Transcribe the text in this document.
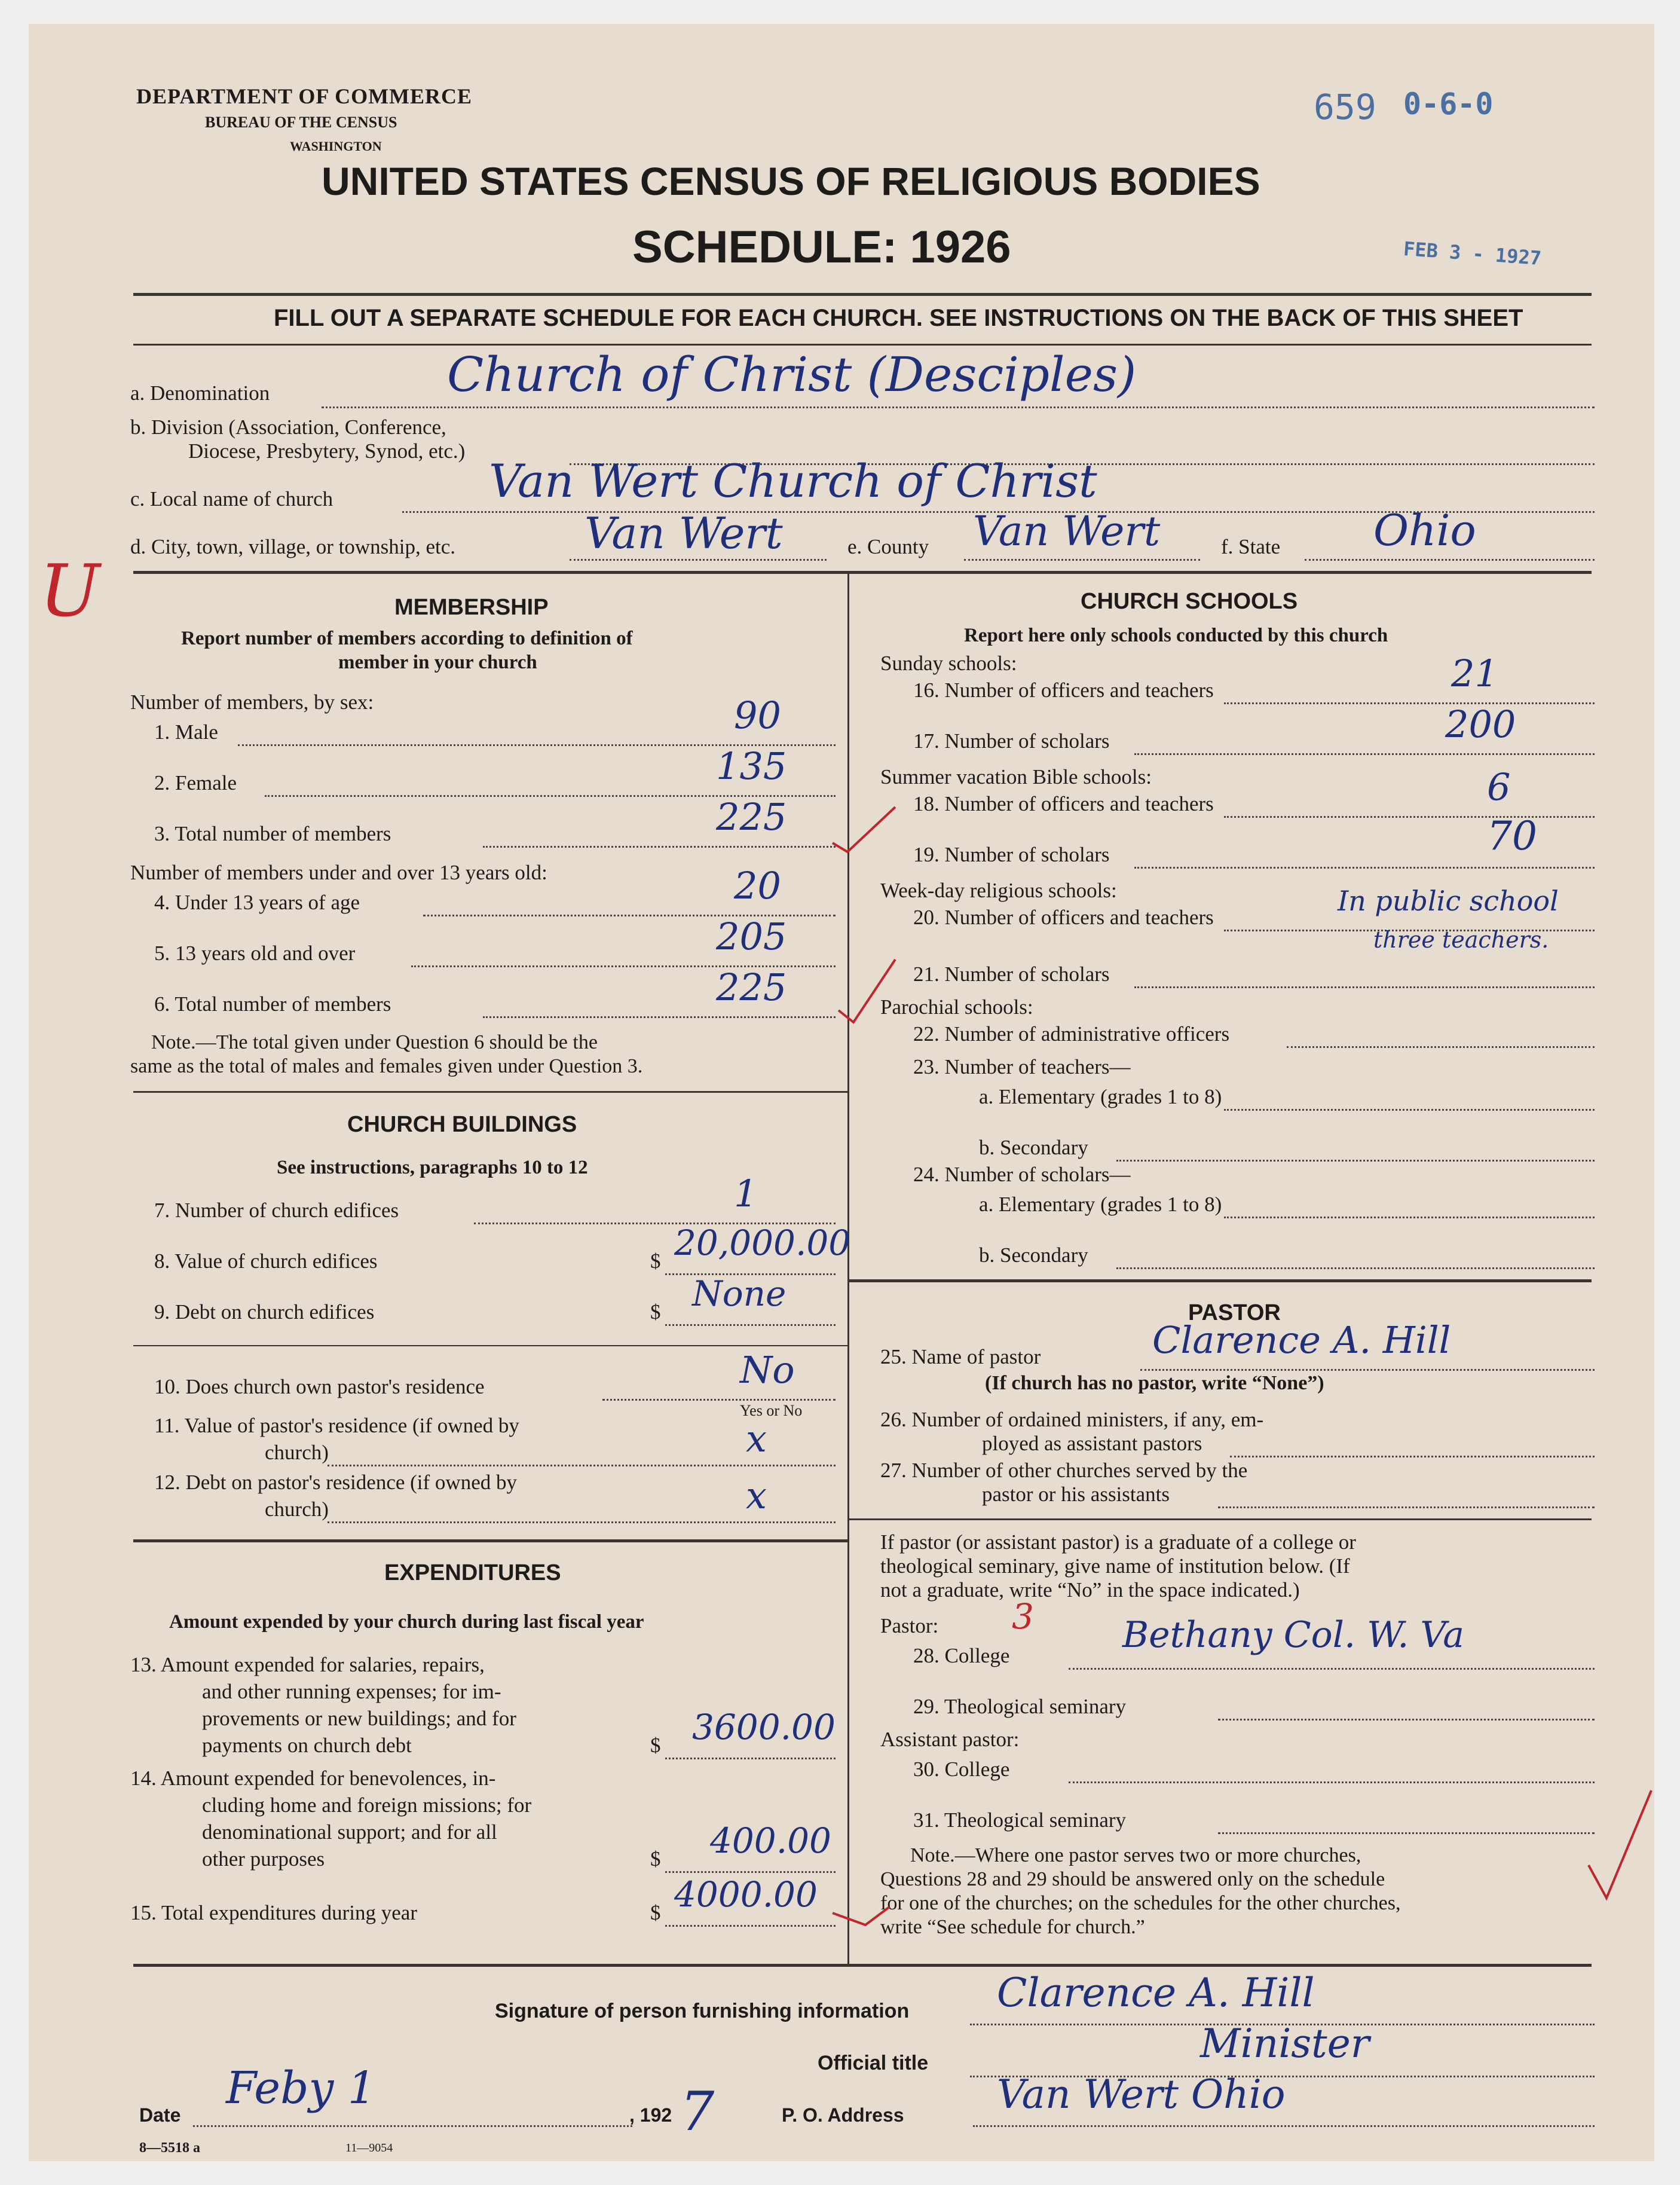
DEPARTMENT OF COMMERCE
BUREAU OF THE CENSUS
WASHINGTON
659 0-6-0
UNITED STATES CENSUS OF RELIGIOUS BODIES
SCHEDULE: 1926	FEB 3 - 1927
FILL OUT A SEPARATE SCHEDULE FOR EACH CHURCH. SEE INSTRUCTIONS ON THE BACK OF THIS SHEET
a. Denomination	Church of Christ (Desciples)
b. Division (Association, Conference,
Diocese, Presbytery, Synod, etc.)
c. Local name of church	Van Wert Church of Christ
d. City, town, village, or township, etc.	Van Wert	e. County Van Wert	f. State Ohio
U	MEMBERSHIP
Report number of members according to definition of
member in your church
Number of members, by sex:
1. Male	90
2. Female	135
3. Total number of members	225
Number of members under and over 13 years old:
4. Under 13 years of age	20
5. 13 years old and over	205
6. Total number of members	225
Note.—The total given under Question 6 should be the
same as the total of males and females given under Question 3.
CHURCH BUILDINGS
See instructions, paragraphs 10 to 12
7. Number of church edifices	1
8. Value of church edifices	$ 20,000.00
9. Debt on church edifices	$ None
10. Does church own pastor's residence	No
Yes or No
11. Value of pastor's residence (if owned by
church)	x
12. Debt on pastor's residence (if owned by
church)	x
EXPENDITURES
Amount expended by your church during last fiscal year
13. Amount expended for salaries, repairs,
and other running expenses; for im-
provements or new buildings; and for
payments on church debt	$ 3600.00
14. Amount expended for benevolences, in-
cluding home and foreign missions; for
denominational support; and for all
other purposes	$ 400.00
15. Total expenditures during year	$ 4000.00
CHURCH SCHOOLS
Report here only schools conducted by this church
Sunday schools:
16. Number of officers and teachers	21
17. Number of scholars	200
Summer vacation Bible schools:
18. Number of officers and teachers	6
19. Number of scholars	70
Week-day religious schools:
20. Number of officers and teachers
In public school
three teachers.
21. Number of scholars
Parochial schools:
22. Number of administrative officers
23. Number of teachers—
a. Elementary (grades 1 to 8)
b. Secondary
24. Number of scholars—
a. Elementary (grades 1 to 8)
b. Secondary
PASTOR
25. Name of pastor	Clarence A. Hill
(If church has no pastor, write “None”)
26. Number of ordained ministers, if any, em-
ployed as assistant pastors
27. Number of other churches served by the
pastor or his assistants
If pastor (or assistant pastor) is a graduate of a college or
theological seminary, give name of institution below. (If
not a graduate, write “No” in the space indicated.)
Pastor: 3
28. College	Bethany Col. W. Va
29. Theological seminary
Assistant pastor:
30. College
31. Theological seminary
Note.—Where one pastor serves two or more churches,
Questions 28 and 29 should be answered only on the schedule
for one of the churches; on the schedules for the other churches,
write “See schedule for church.”
Signature of person furnishing information Clarence A. Hill
Official title	Minister
Date
Feby 1
, 192 7	P. O. Address Van Wert Ohio
8—5518 a	11—9054
